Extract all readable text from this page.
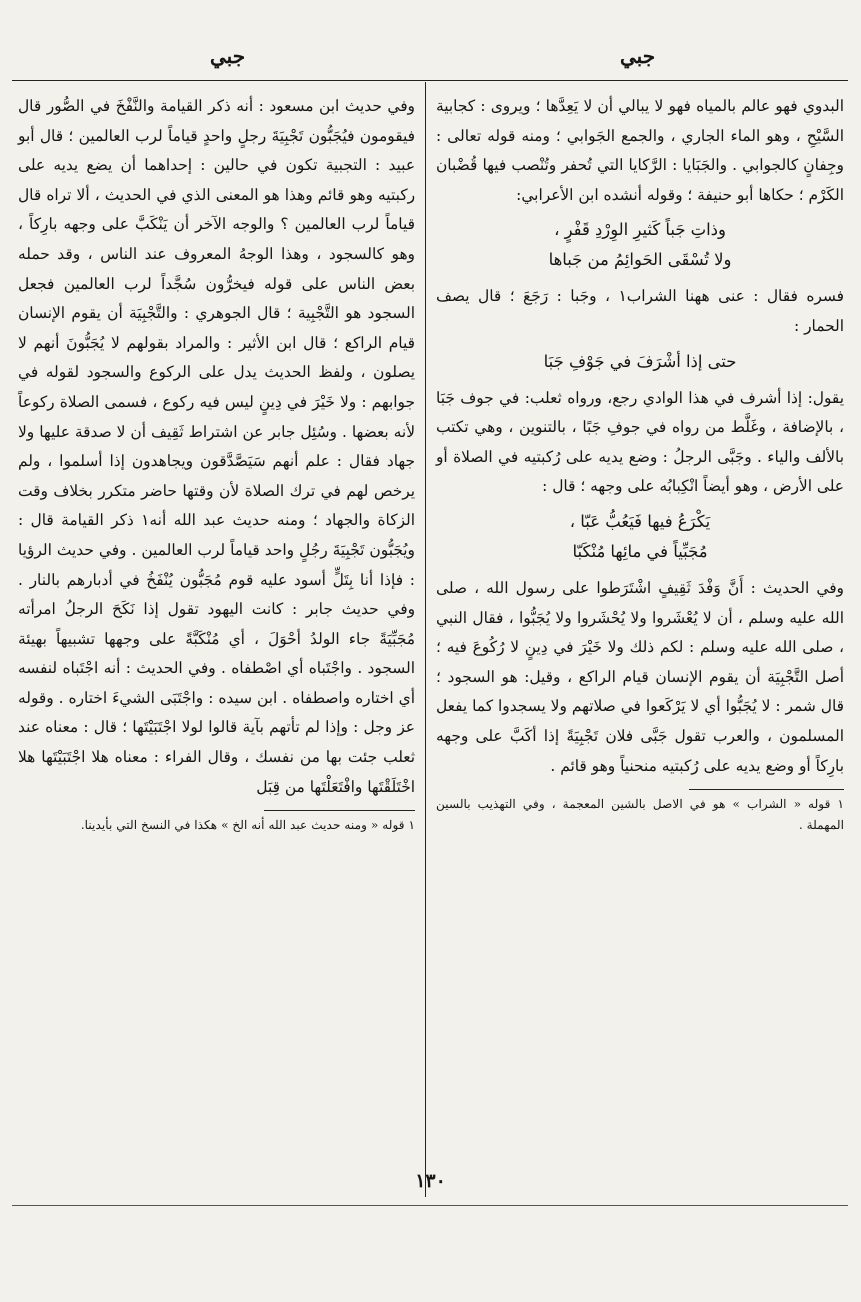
جبي
جبي

البدوي فهو عالم بالمياه فهو لا يبالي أن لا يَعِدَّها ؛ ويروى : كجابية السَّيْحِ ، وهو الماء الجاري ، والجمع الجَوابي ؛ ومنه قوله تعالى : وجِفانٍ كالجوابي . والجَبَايا : الرَّكايا التي تُحفر وتُنْصب فيها قُضْبان الكَرْم ؛ حكاها أبو حنيفة ؛ وقوله أنشده ابن الأعرابي:

وذاتِ جَباً كَثيرِ الوِرْدِ قَفْرٍ ،

ولا تُسْقَى الحَوائِمُ من جَباها

فسره فقال : عنى ههنا الشراب١ ، وجَبا : رَجَعَ ؛ قال يصف الحمار :

حتى إذا أشْرَفَ في جَوْفِ جَبَا

يقول: إذا أشرف في هذا الوادي رجع، ورواه ثعلب: في جوف جَبَا ، بالإضافة ، وغَلَّط من رواه في جوفِ جَبًا ، بالتنوين ، وهي تكتب بالألف والياء . وجَبَّى الرجلُ : وضع يديه على رُكبتيه في الصلاة أو على الأرض ، وهو أيضاً انْكِبابُه على وجهه ؛ قال :

يَكْرَعُ فيها فَيَعُبُّ عَبّا ،

مُجَبِّياً في مائِها مُنْكَبّا

وفي الحديث : أَنَّ وَفْدَ ثَقِيفٍ اشْتَرَطوا على رسول الله ، صلى الله عليه وسلم ، أن لا يُعْشَروا ولا يُحْشَروا ولا يُجَبُّوا ، فقال النبي ، صلى الله عليه وسلم : لكم ذلك ولا خَيْرَ في دِينٍ لا رُكُوعَ فيه ؛ أصل التَّجْبِيَة أن يقوم الإنسان قيام الراكع ، وقيل: هو السجود ؛ قال شمر : لا يُجَبُّوا أي لا يَرْكَعوا في صلاتهم ولا يسجدوا كما يفعل المسلمون ، والعرب تقول جَبَّى فلان تَجْبِيَةً إذا أكَبَّ على وجهه بارِكاً أو وضع يديه على رُكبتيه منحنياً وهو قائم .

١ قوله « الشراب » هو في الاصل بالشين المعجمة ، وفي التهذيب بالسين المهملة .

وفي حديث ابن مسعود : أنه ذكر القيامة والنَّفْخَ في الصُّور قال فيقومون فيُجَبُّون تَجْبِيَةَ رجلٍ واحدٍ قياماً لرب العالمين ؛ قال أبو عبيد : التجبية تكون في حالين : إحداهما أن يضع يديه على ركبتيه وهو قائم وهذا هو المعنى الذي في الحديث ، ألا تراه قال قياماً لرب العالمين ؟ والوجه الآخر أن يَنْكَبَّ على وجهه بارِكاً ، وهو كالسجود ، وهذا الوجهُ المعروف عند الناس ، وقد حمله بعض الناس على قوله فيخرُّون سُجَّداً لرب العالمين فجعل السجود هو التَّجْبِية ؛ قال الجوهري : والتَّجْبِيَة أن يقوم الإنسان قيام الراكع ؛ قال ابن الأثير : والمراد بقولهم لا يُجَبُّونَ أنهم لا يصلون ، ولفظ الحديث يدل على الركوع والسجود لقوله في جوابهم : ولا خَيْرَ في دِينٍ ليس فيه ركوع ، فسمى الصلاة ركوعاً لأنه بعضها . وسُئِل جابر عن اشتراط ثَقِيف أن لا صدقة عليها ولا جهاد فقال : علم أنهم سَيَصَّدَّقون ويجاهدون إذا أسلموا ، ولم يرخص لهم في ترك الصلاة لأن وقتها حاضر متكرر بخلاف وقت الزكاة والجهاد ؛ ومنه حديث عبد الله أنه١ ذكر القيامة قال : ويُجَبُّون تَجْبِيَةَ رجُلٍ واحد قياماً لرب العالمين . وفي حديث الرؤيا : فإذا أنا بِتَلٍّ أسود عليه قوم مُجَبُّون يُنْفَخُ في أدبارهم بالنار . وفي حديث جابر : كانت اليهود تقول إذا نَكَحَ الرجلُ امرأته مُجَبِّيَةً جاء الولدُ أحْوَلَ ، أي مُنْكَبَّةً على وجهها تشبيهاً بهيئة السجود . واجْتَباه أي اصْطفاه . وفي الحديث : أنه اجْتَباه لنفسه أي اختاره واصطفاه . ابن سيده : واجْتَبَى الشيءَ اختاره . وقوله عز وجل : وإذا لم تأتهم بآية قالوا لولا اجْتَبَيْتَها ؛ قال : معناه عند ثعلب جئت بها من نفسك ، وقال الفراء : معناه هلا اجْتَبَيْتَها هلا اخْتَلَقْتَها وافْتَعَلْتَها من قِبَل

١ قوله « ومنه حديث عبد الله أنه الخ » هكذا في النسخ التي بأيدينا.

١٣٠
